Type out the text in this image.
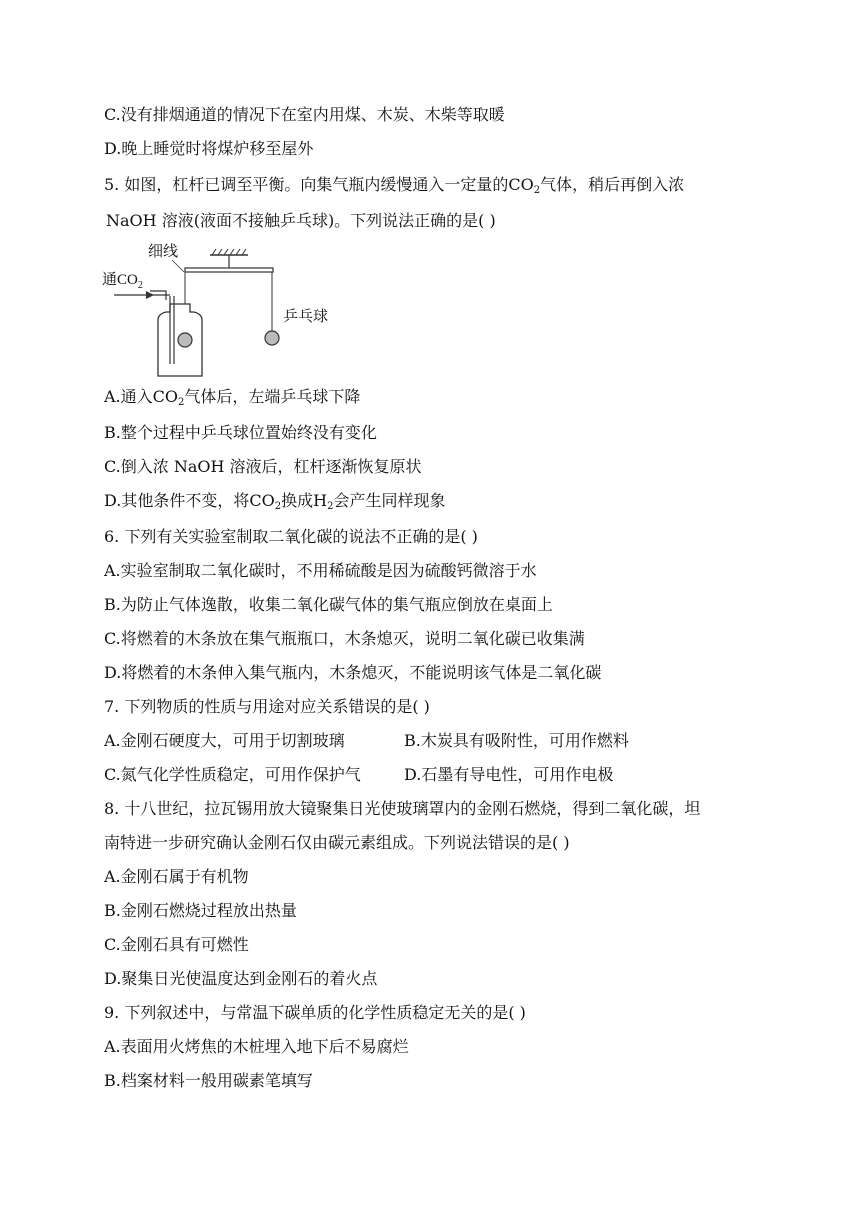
C.没有排烟通道的情况下在室内用煤、木炭、木柴等取暖
D.晚上睡觉时将煤炉移至屋外
5. 如图，杠杆已调至平衡。向集气瓶内缓慢通入一定量的$CO_2$气体，稍后再倒入浓
NaOH 溶液(液面不接触乒乓球)。下列说法正确的是( )
细线
通$CO_2$
乒乓球
A.通入$CO_2$气体后，左端乒乓球下降
B.整个过程中乒乓球位置始终没有变化
C.倒入浓 NaOH 溶液后，杠杆逐渐恢复原状
D.其他条件不变，将$CO_2$换成$H_2$会产生同样现象
6. 下列有关实验室制取二氧化碳的说法不正确的是( )
A.实验室制取二氧化碳时，不用稀硫酸是因为硫酸钙微溶于水
B.为防止气体逸散，收集二氧化碳气体的集气瓶应倒放在桌面上
C.将燃着的木条放在集气瓶瓶口，木条熄灭，说明二氧化碳已收集满
D.将燃着的木条伸入集气瓶内，木条熄灭，不能说明该气体是二氧化碳
7. 下列物质的性质与用途对应关系错误的是( )
A.金刚石硬度大，可用于切割玻璃	B.木炭具有吸附性，可用作燃料
C.氮气化学性质稳定，可用作保护气	D.石墨有导电性，可用作电极
8. 十八世纪，拉瓦锡用放大镜聚集日光使玻璃罩内的金刚石燃烧，得到二氧化碳，坦
南特进一步研究确认金刚石仅由碳元素组成。下列说法错误的是( )
A.金刚石属于有机物
B.金刚石燃烧过程放出热量
C.金刚石具有可燃性
D.聚集日光使温度达到金刚石的着火点
9. 下列叙述中，与常温下碳单质的化学性质稳定无关的是( )
A.表面用火烤焦的木桩埋入地下后不易腐烂
B.档案材料一般用碳素笔填写
